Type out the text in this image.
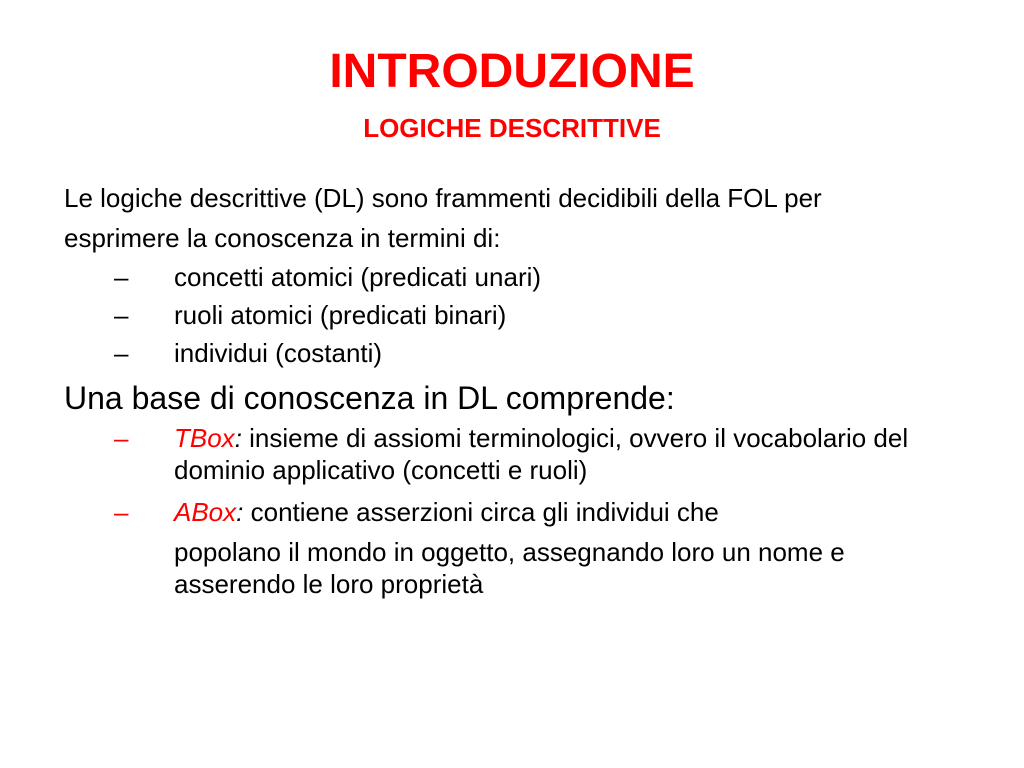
INTRODUZIONE
LOGICHE DESCRITTIVE

Le logiche descrittive (DL) sono frammenti decidibili della FOL per esprimere la conoscenza in termini di:

– concetti atomici (predicati unari)
– ruoli atomici (predicati binari)
– individui (costanti)

Una base di conoscenza in DL comprende:

– TBox: insieme di assiomi terminologici, ovvero il vocabolario del dominio applicativo (concetti e ruoli)
– ABox: contiene asserzioni circa gli individui che
popolano il mondo in oggetto, assegnando loro un nome e asserendo le loro proprietà
